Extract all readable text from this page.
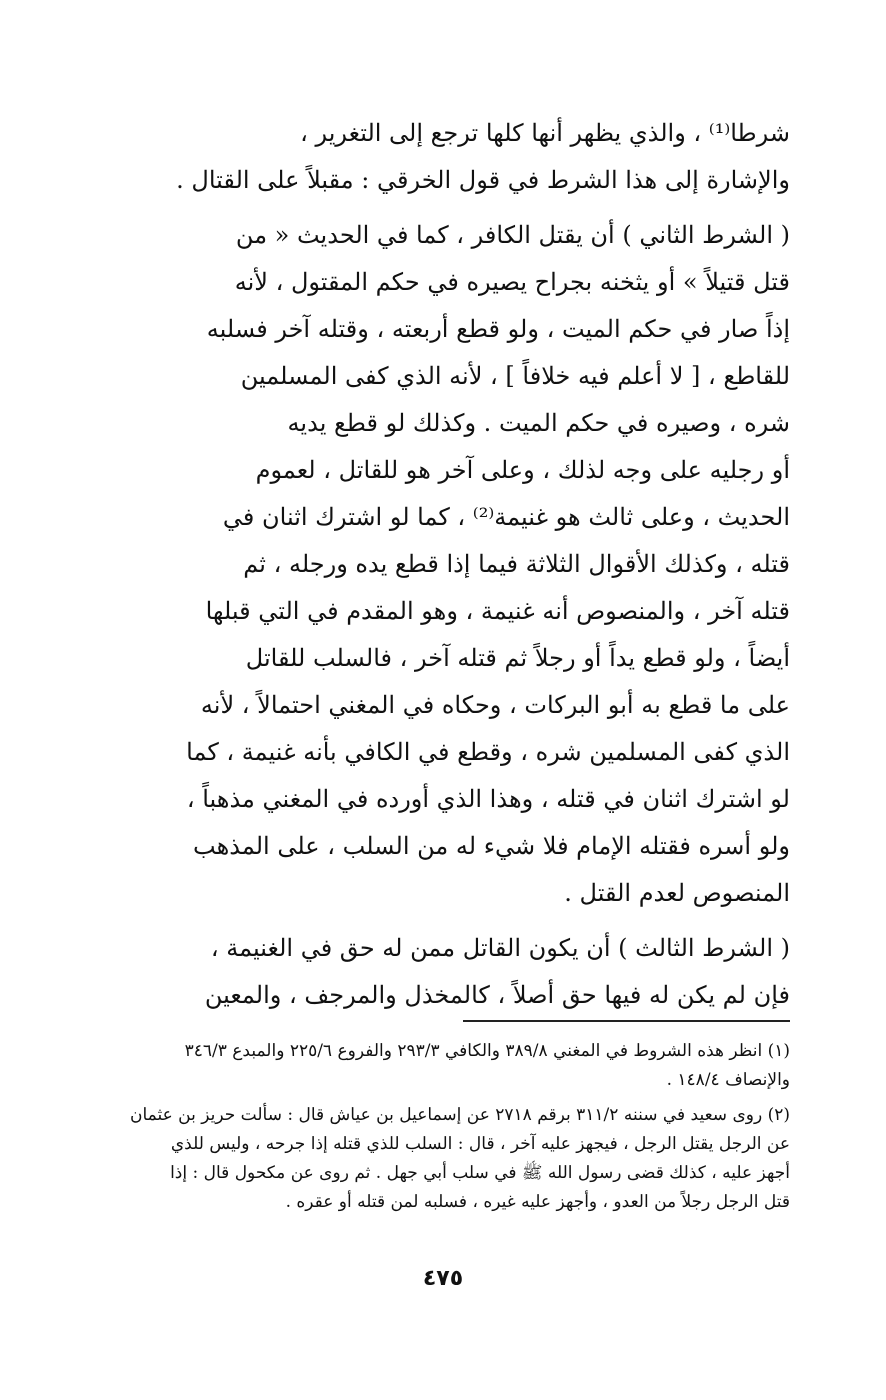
شرطا⁽¹⁾ ، والذي يظهر أنها كلها ترجع إلى التغرير ،
والإشارة إلى هذا الشرط في قول الخرقي : مقبلاً على القتال .

( الشرط الثاني ) أن يقتل الكافر ، كما في الحديث « من
قتل قتيلاً » أو يثخنه بجراح يصيره في حكم المقتول ، لأنه
إذاً صار في حكم الميت ، ولو قطع أربعته ، وقتله آخر فسلبه
للقاطع ، [ لا أعلم فيه خلافاً ] ، لأنه الذي كفى المسلمين
شره ، وصيره في حكم الميت . وكذلك لو قطع يديه
أو رجليه على وجه لذلك ، وعلى آخر هو للقاتل ، لعموم
الحديث ، وعلى ثالث هو غنيمة⁽²⁾ ، كما لو اشترك اثنان في
قتله ، وكذلك الأقوال الثلاثة فيما إذا قطع يده ورجله ، ثم
قتله آخر ، والمنصوص أنه غنيمة ، وهو المقدم في التي قبلها
أيضاً ، ولو قطع يداً أو رجلاً ثم قتله آخر ، فالسلب للقاتل
على ما قطع به أبو البركات ، وحكاه في المغني احتمالاً ، لأنه
الذي كفى المسلمين شره ، وقطع في الكافي بأنه غنيمة ، كما
لو اشترك اثنان في قتله ، وهذا الذي أورده في المغني مذهباً ،
ولو أسره فقتله الإمام فلا شيء له من السلب ، على المذهب
المنصوص لعدم القتل .

( الشرط الثالث ) أن يكون القاتل ممن له حق في الغنيمة ،
فإن لم يكن له فيها حق أصلاً ، كالمخذل والمرجف ، والمعين

(١) انظر هذه الشروط في المغني ٣٨٩/٨ والكافي ٢٩٣/٣ والفروع ٢٢٥/٦ والمبدع ٣٤٦/٣
والإنصاف ١٤٨/٤ .

(٢) روى سعيد في سننه ٣١١/٢ برقم ٢٧١٨ عن إسماعيل بن عياش قال : سألت حريز بن عثمان
عن الرجل يقتل الرجل ، فيجهز عليه آخر ، قال : السلب للذي قتله إذا جرحه ، وليس للذي
أجهز عليه ، كذلك قضى رسول الله ﷺ في سلب أبي جهل . ثم روى عن مكحول قال : إذا
قتل الرجل رجلاً من العدو ، وأجهز عليه غيره ، فسلبه لمن قتله أو عقره .

٤٧٥
